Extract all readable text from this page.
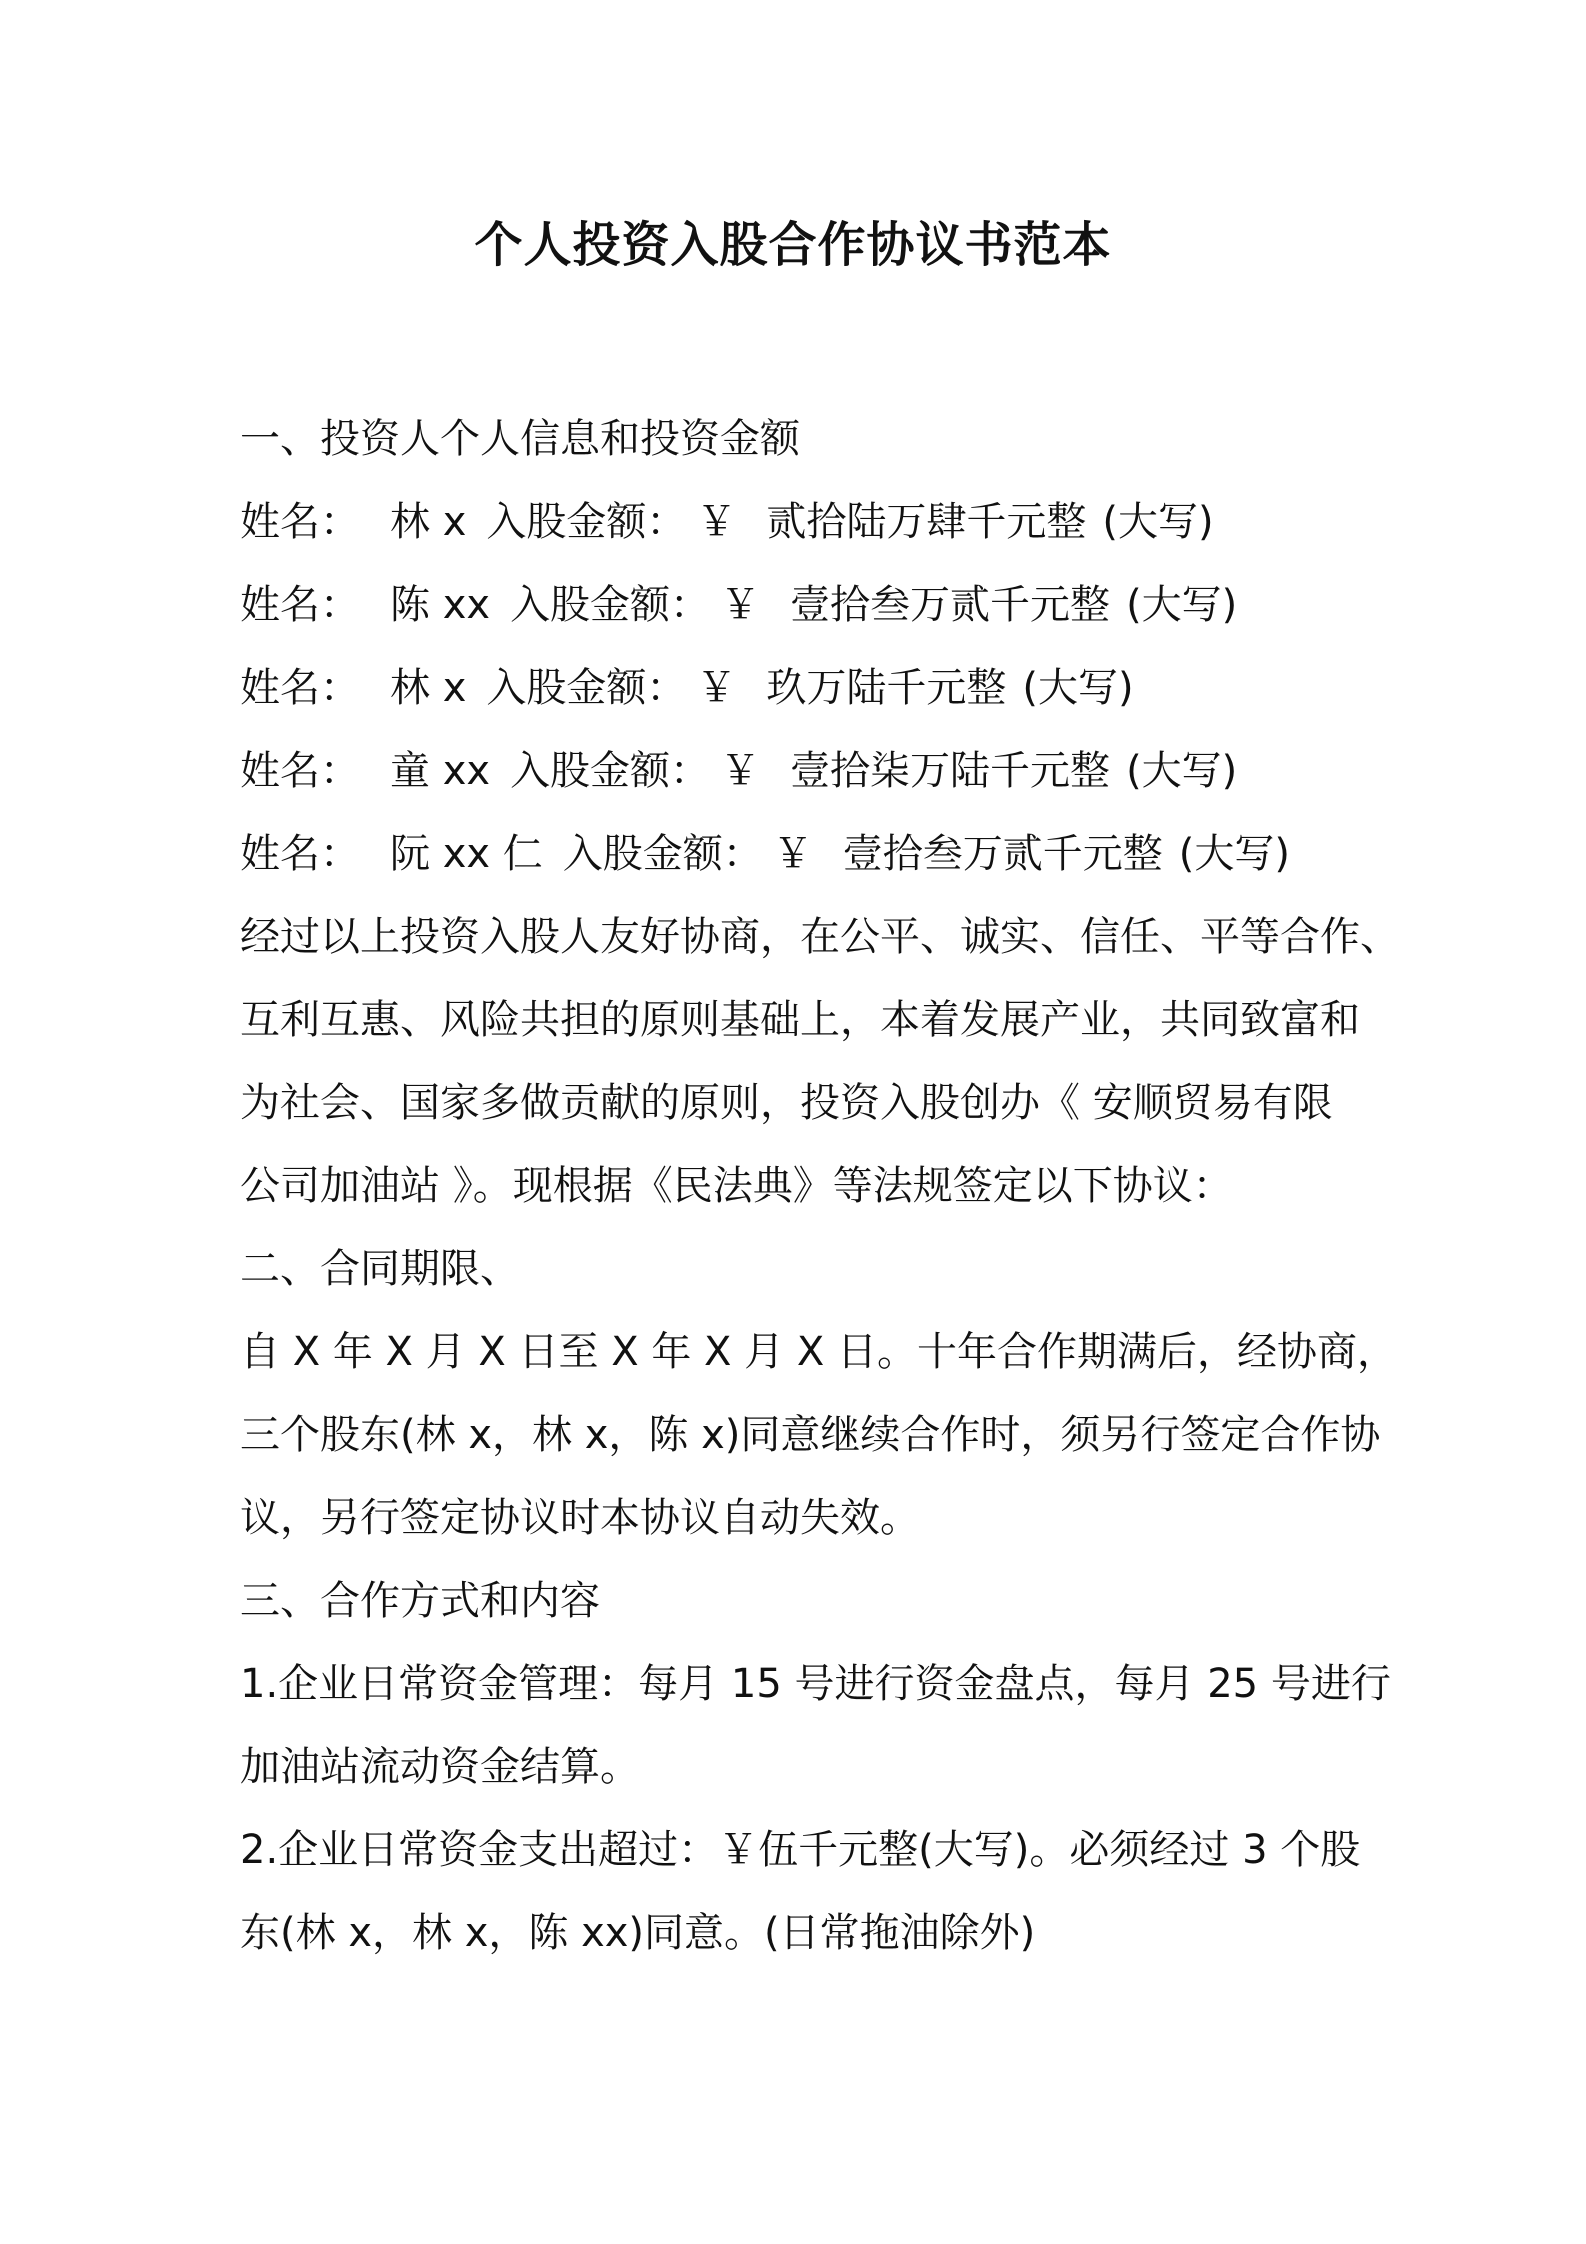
个人投资入股合作协议书范本
一、投资人个人信息和投资金额
姓名： 林 x 入股金额： ￥ 贰拾陆万肆千元整 (大写)
姓名： 陈 xx 入股金额： ￥ 壹拾叁万贰千元整 (大写)
姓名： 林 x 入股金额： ￥ 玖万陆千元整 (大写)
姓名： 童 xx 入股金额： ￥ 壹拾柒万陆千元整 (大写)
姓名： 阮 xx 仁 入股金额： ￥ 壹拾叁万贰千元整 (大写)
经过以上投资入股人友好协商，在公平、诚实、信任、平等合作、
互利互惠、风险共担的原则基础上，本着发展产业，共同致富和
为社会、国家多做贡献的原则，投资入股创办《 安顺贸易有限
公司加油站 》。现根据《民法典》等法规签定以下协议：
二、合同期限、
自 X 年 X 月 X 日至 X 年 X 月 X 日。十年合作期满后，经协商，
三个股东(林 x，林 x，陈 x)同意继续合作时，须另行签定合作协
议，另行签定协议时本协议自动失效。
三、合作方式和内容
1.企业日常资金管理：每月 15 号进行资金盘点，每月 25 号进行
加油站流动资金结算。
2.企业日常资金支出超过：￥伍千元整(大写)。必须经过 3 个股
东(林 x，林 x，陈 xx)同意。(日常拖油除外)
